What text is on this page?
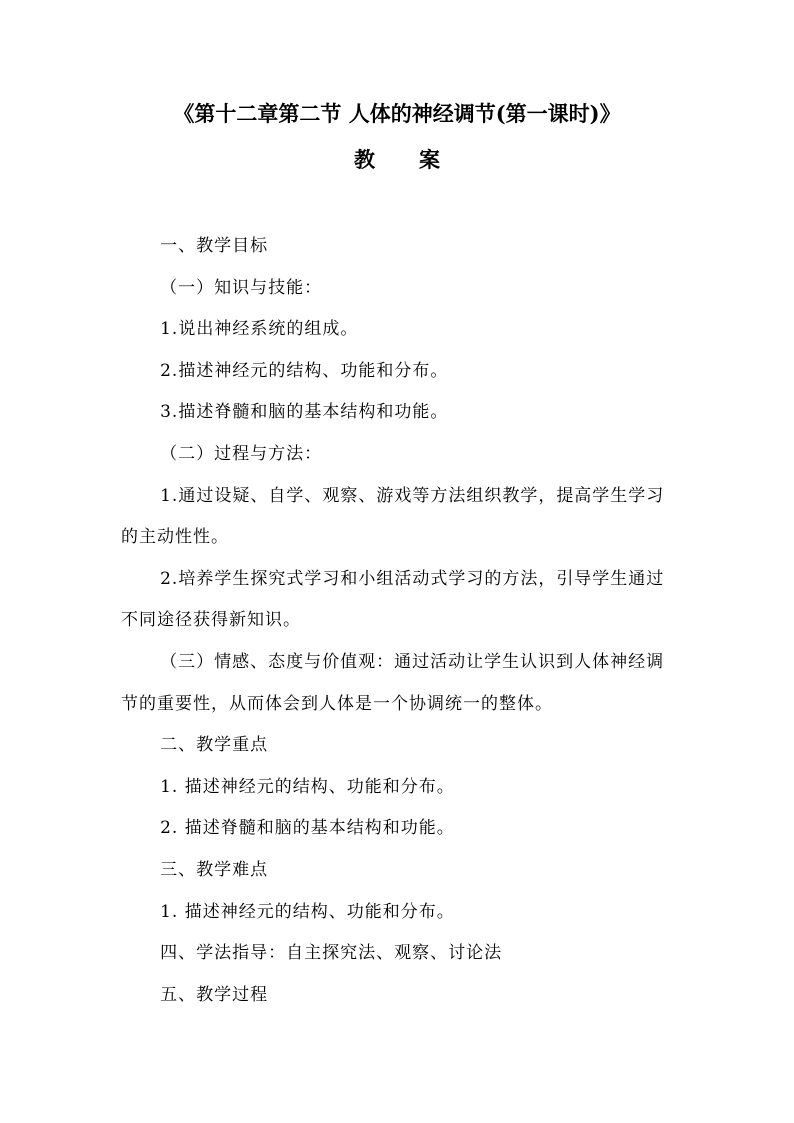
《第十二章第二节 人体的神经调节(第一课时)》
教案

一、教学目标

（一）知识与技能：

1.说出神经系统的组成。

2.描述神经元的结构、功能和分布。

3.描述脊髓和脑的基本结构和功能。

（二）过程与方法：

1.通过设疑、自学、观察、游戏等方法组织教学，提高学生学习的主动性性。

2.培养学生探究式学习和小组活动式学习的方法，引导学生通过不同途径获得新知识。

（三）情感、态度与价值观：通过活动让学生认识到人体神经调节的重要性，从而体会到人体是一个协调统一的整体。

二、教学重点

1. 描述神经元的结构、功能和分布。

2. 描述脊髓和脑的基本结构和功能。

三、教学难点

1. 描述神经元的结构、功能和分布。

四、学法指导：自主探究法、观察、讨论法

五、教学过程
